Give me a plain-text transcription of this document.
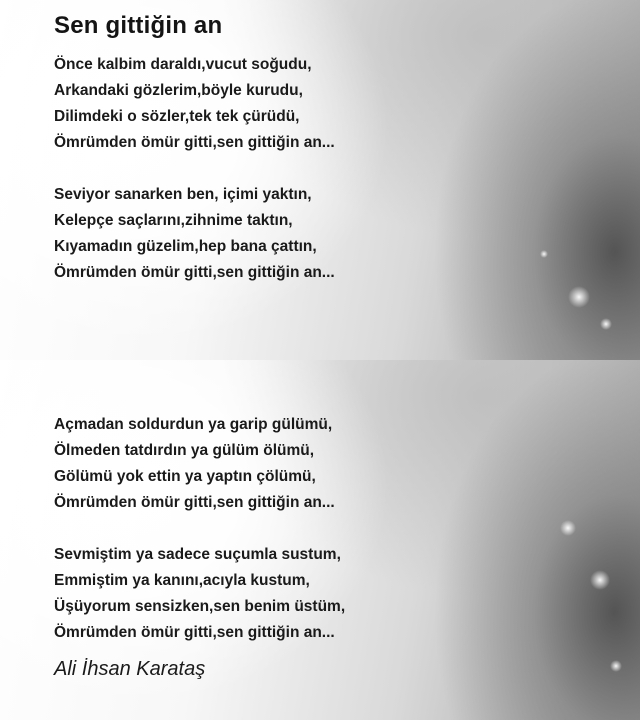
Sen gittiğin an
Önce kalbim daraldı,vucut soğudu,
Arkandaki gözlerim,böyle kurudu,
Dilimdeki o sözler,tek tek çürüdü,
Ömrümden ömür gitti,sen gittiğin an...
Seviyor sanarken ben, içimi yaktın,
Kelepçe saçlarını,zihnime taktın,
Kıyamadın güzelim,hep bana çattın,
Ömrümden ömür gitti,sen gittiğin an...
Açmadan soldurdun ya garip gülümü,
Ölmeden tatdırdın ya gülüm ölümü,
Gölümü yok ettin ya yaptın çölümü,
Ömrümden ömür gitti,sen gittiğin an...
Sevmiştim ya sadece suçumla sustum,
Emmiştim ya kanını,acıyla kustum,
Üşüyorum sensizken,sen benim üstüm,
Ömrümden ömür gitti,sen gittiğin an...

Ali İhsan Karataş
